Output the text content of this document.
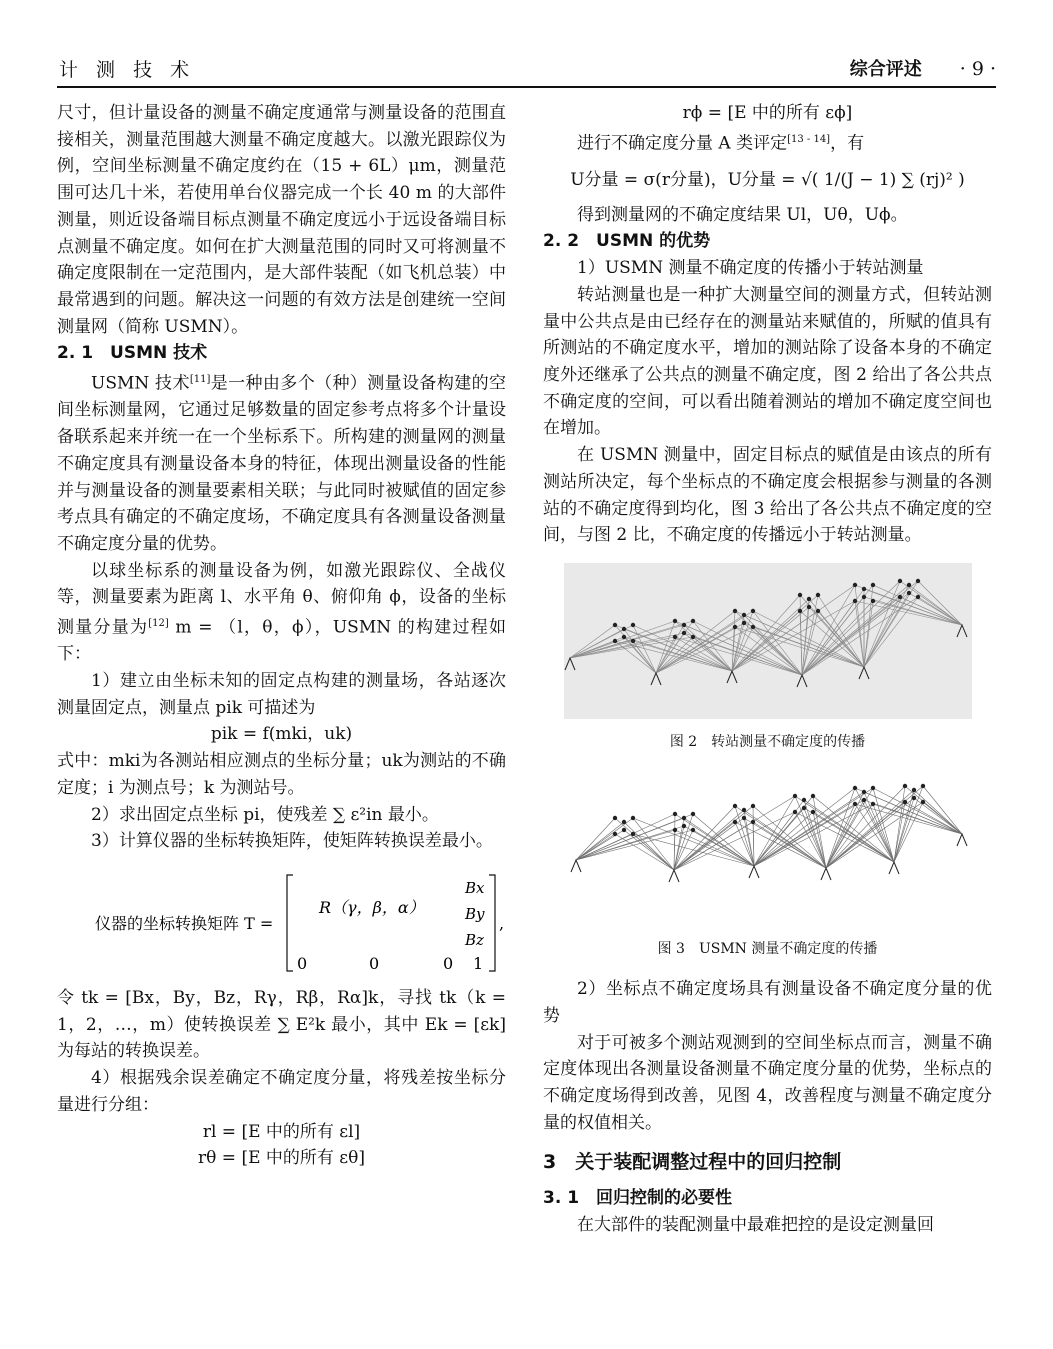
计 测 技 术	综合评述 · 9 ·

尺寸，但计量设备的测量不确定度通常与测量设备的范围直接相关，测量范围越大测量不确定度越大。以激光跟踪仪为例，空间坐标测量不确定度约在（15 + 6L）μm，测量范围可达几十米，若使用单台仪器完成一个长 40 m 的大部件测量，则近设备端目标点测量不确定度远小于远设备端目标点测量不确定度。如何在扩大测量范围的同时又可将测量不确定度限制在一定范围内，是大部件装配（如飞机总装）中最常遇到的问题。解决这一问题的有效方法是创建统一空间测量网（简称 USMN）。

2. 1　USMN 技术

USMN 技术[11]是一种由多个（种）测量设备构建的空间坐标测量网，它通过足够数量的固定参考点将多个计量设备联系起来并统一在一个坐标系下。所构建的测量网的测量不确定度具有测量设备本身的特征，体现出测量设备的性能并与测量设备的测量要素相关联；与此同时被赋值的固定参考点具有确定的不确定度场，不确定度具有各测量设备测量不确定度分量的优势。

以球坐标系的测量设备为例，如激光跟踪仪、全战仪等，测量要素为距离 l、水平角 θ、俯仰角 ϕ，设备的坐标测量分量为[12] m = （l，θ，ϕ），USMN 的构建过程如下：

1）建立由坐标未知的固定点构建的测量场，各站逐次测量固定点，测量点 pik 可描述为

pik = f(mki，uk)

式中：mki为各测站相应测点的坐标分量；uk为测站的不确定度；i 为测点号；k 为测站号。

2）求出固定点坐标 pi，使残差 ∑ ε²in 最小。

3）计算仪器的坐标转换矩阵，使矩阵转换误差最小。

仪器的坐标转换矩阵 T =	,
R（γ，β，α）
Bx
By
Bz
0	0	0 1

令 tk = [Bx，By，Bz，Rγ，Rβ，Rα]k，寻找 tk（k = 1，2，…，m）使转换误差 ∑ E²k 最小，其中 Ek = [εk] 为每站的转换误差。

4）根据残余误差确定不确定度分量，将残差按坐标分量进行分组：

rl = [E 中的所有 εl]

rθ = [E 中的所有 εθ]

rϕ = [E 中的所有 εϕ]

进行不确定度分量 A 类评定[13 - 14]，有

U分量 = σ(r分量)，U分量 = √( 1/(J − 1) ∑ (rj)² )

得到测量网的不确定度结果 Ul，Uθ，Uϕ。

2. 2　USMN 的优势

1）USMN 测量不确定度的传播小于转站测量

转站测量也是一种扩大测量空间的测量方式，但转站测量中公共点是由已经存在的测量站来赋值的，所赋的值具有所测站的不确定度水平，增加的测站除了设备本身的不确定度外还继承了公共点的测量不确定度，图 2 给出了各公共点不确定度的空间，可以看出随着测站的增加不确定度空间也在增加。

在 USMN 测量中，固定目标点的赋值是由该点的所有测站所决定，每个坐标点的不确定度会根据参与测量的各测站的不确定度得到均化，图 3 给出了各公共点不确定度的空间，与图 2 比，不确定度的传播远小于转站测量。

图 2　转站测量不确定度的传播

图 3　USMN 测量不确定度的传播

2）坐标点不确定度场具有测量设备不确定度分量的优势

对于可被多个测站观测到的空间坐标点而言，测量不确定度体现出各测量设备测量不确定度分量的优势，坐标点的不确定度场得到改善，见图 4，改善程度与测量不确定度分量的权值相关。

3　关于装配调整过程中的回归控制

3. 1　回归控制的必要性

在大部件的装配测量中最难把控的是设定测量回
